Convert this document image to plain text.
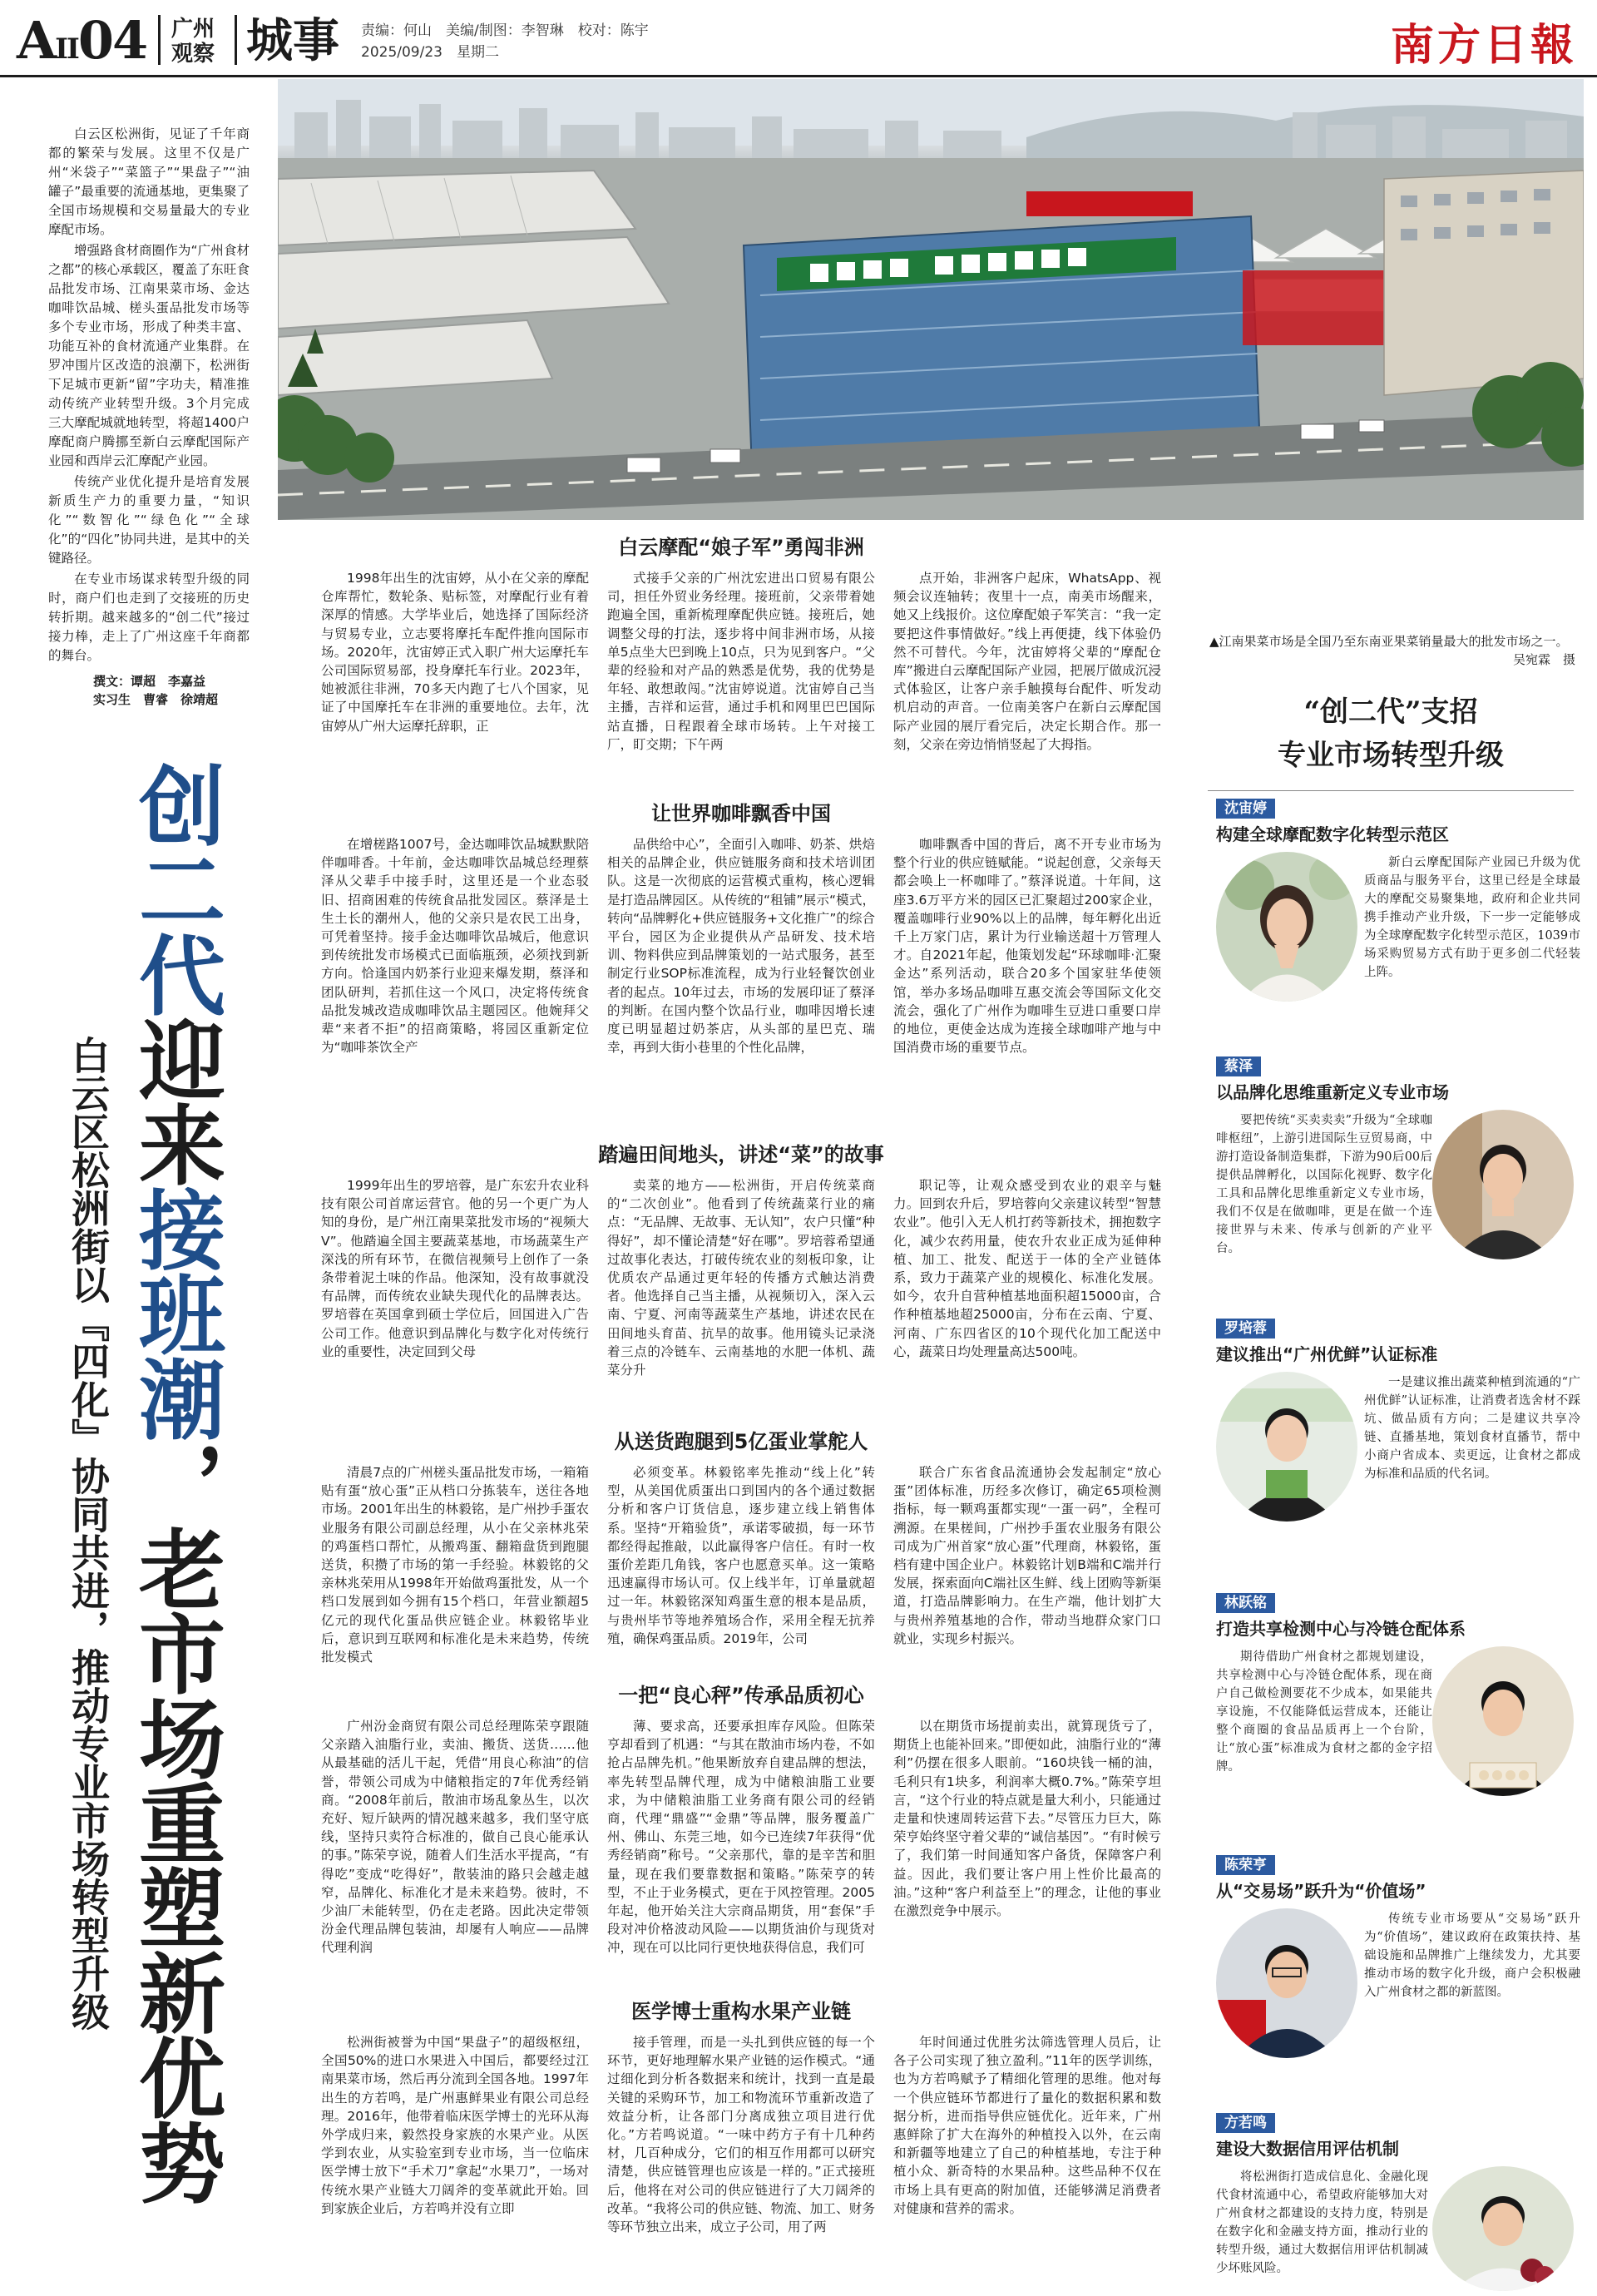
AII04 广州
观察 城事 责编：何山　美编/制图：李智琳　校对：陈宇
2025/09/23　星期二	南方日報

白云区松洲街，见证了千年商都的繁荣与发展。这里不仅是广州“米袋子”“菜篮子”“果盘子”“油罐子”最重要的流通基地，更集聚了全国市场规模和交易量最大的专业摩配市场。

增强路食材商圈作为“广州食材之都”的核心承载区，覆盖了东旺食品批发市场、江南果菜市场、金达咖啡饮品城、槎头蛋品批发市场等多个专业市场，形成了种类丰富、功能互补的食材流通产业集群。在罗冲围片区改造的浪潮下，松洲街下足城市更新“留”字功夫，精准推动传统产业转型升级。3个月完成三大摩配城就地转型，将超1400户摩配商户腾挪至新白云摩配国际产业园和西岸云汇摩配产业园。

传统产业优化提升是培育发展新质生产力的重要力量，“知识化”“数智化”“绿色化”“全球化”的“四化”协同共进，是其中的关键路径。

在专业市场谋求转型升级的同时，商户们也走到了交接班的历史转折期。越来越多的“创二代”接过接力棒，走上了广州这座千年商都的舞台。

撰文：谭超　李嘉益
实习生　曹睿　徐靖超
创二代迎来接班潮，老市场重塑新优势
白云区松洲街以『四化』协同共进，推动专业市场转型升级
▲江南果菜市场是全国乃至东南亚果菜销量最大的批发市场之一。
吴宛霖　摄
白云摩配“娘子军”勇闯非洲
1998年出生的沈宙婷，从小在父亲的摩配仓库帮忙，数轮条、贴标签，对摩配行业有着深厚的情感。大学毕业后，她选择了国际经济与贸易专业，立志要将摩托车配件推向国际市场。2020年，沈宙婷正式入职广州大运摩托车公司国际贸易部，投身摩托车行业。2023年，她被派往非洲，70多天内跑了七八个国家，见证了中国摩托车在非洲的重要地位。去年，沈宙婷从广州大运摩托辞职，正
式接手父亲的广州沈宏进出口贸易有限公司，担任外贸业务经理。接班前，父亲带着她跑遍全国，重新梳理摩配供应链。接班后，她调整父母的打法，逐步将中间非洲市场，从接单5点坐大巴到晚上10点，只为见到客户。“父辈的经验和对产品的熟悉是优势，我的优势是年轻、敢想敢闯。”沈宙婷说道。沈宙婷自己当主播，吉祥和运营，通过手机和网里巴巴国际站直播，日程跟着全球市场转。上午对接工厂，盯交期；下午两
点开始，非洲客户起床，WhatsApp、视频会议连轴转；夜里十一点，南美市场醒来，她又上线报价。这位摩配娘子军笑言：“我一定要把这件事情做好。”线上再便捷，线下体验仍然不可替代。今年，沈宙婷将父辈的“摩配仓库”搬进白云摩配国际产业园，把展厅做成沉浸式体验区，让客户亲手触摸每台配件、听发动机启动的声音。一位南美客户在新白云摩配国际产业园的展厅看完后，决定长期合作。那一刻，父亲在旁边悄悄竖起了大拇指。
让世界咖啡飘香中国
在增槎路1007号，金达咖啡饮品城默默陪伴咖啡香。十年前，金达咖啡饮品城总经理蔡泽从父辈手中接手时，这里还是一个业态驳旧、招商困难的传统食品批发园区。蔡泽是土生土长的潮州人，他的父亲只是农民工出身，可凭着坚持。接手金达咖啡饮品城后，他意识到传统批发市场模式已面临瓶颈，必须找到新方向。恰逢国内奶茶行业迎来爆发期，蔡泽和团队研判，若抓住这一个风口，决定将传统食品批发城改造成咖啡饮品主题园区。他婉拜父辈“来者不拒”的招商策略，将园区重新定位为“咖啡茶饮全产
品供给中心”，全面引入咖啡、奶茶、烘焙相关的品牌企业，供应链服务商和技术培训团队。这是一次彻底的运营模式重构，核心逻辑是打造品牌园区。从传统的“租铺”展示“模式，转向“品牌孵化+供应链服务+文化推广”的综合平台，园区为企业提供从产品研发、技术培训、物料供应到品牌策划的一站式服务，甚至制定行业SOP标准流程，成为行业轻餐饮创业者的起点。10年过去，市场的发展印证了蔡泽的判断。在国内整个饮品行业，咖啡因增长速度已明显超过奶茶店，从头部的星巴克、瑞幸，再到大街小巷里的个性化品牌，
咖啡飘香中国的背后，离不开专业市场为整个行业的供应链赋能。“说起创意，父亲每天都会唤上一杯咖啡了。”蔡泽说道。十年间，这座3.6万平方米的园区已汇聚超过200家企业，覆盖咖啡行业90%以上的品牌，每年孵化出近千上万家门店，累计为行业输送超十万管理人才。自2021年起，他策划发起“环球咖啡·汇聚金达”系列活动，联合20多个国家驻华使领馆，举办多场品咖啡互惠交流会等国际文化交流会，强化了广州作为咖啡生豆进口重要口岸的地位，更使金达成为连接全球咖啡产地与中国消费市场的重要节点。
踏遍田间地头，讲述“菜”的故事
1999年出生的罗培蓉，是广东宏升农业科技有限公司首席运营官。他的另一个更广为人知的身份，是广州江南果菜批发市场的“视频大V”。他踏遍全国主要蔬菜基地，市场蔬菜生产深浅的所有环节，在微信视频号上创作了一条条带着泥土味的作品。他深知，没有故事就没有品牌，而传统农业缺失现代化的品牌表达。罗培蓉在英国拿到硕士学位后，回国进入广告公司工作。他意识到品牌化与数字化对传统行业的重要性，决定回到父母
卖菜的地方——松洲街，开启传统菜商的“二次创业”。他看到了传统蔬菜行业的痛点：“无品牌、无故事、无认知”，农户只懂“种得好”，却不懂论清楚“好在哪”。罗培蓉希望通过故事化表达，打破传统农业的刻板印象，让优质农产品通过更年轻的传播方式触达消费者。他选择自己当主播，从视频切入，深入云南、宁夏、河南等蔬菜生产基地，讲述农民在田间地头育苗、抗旱的故事。他用镜头记录浇着三点的冷链车、云南基地的水肥一体机、蔬菜分升
职记等，让观众感受到农业的艰辛与魅力。回到农升后，罗培蓉向父亲建议转型“智慧农业”。他引入无人机打药等新技术，拥抱数字化，减少农药用量，使农升农业正成为延伸种植、加工、批发、配送于一体的全产业链体系，致力于蔬菜产业的规模化、标准化发展。如今，农升自营种植基地面积超15000亩，合作种植基地超25000亩，分布在云南、宁夏、河南、广东四省区的10个现代化加工配送中心，蔬菜日均处理量高达500吨。
从送货跑腿到5亿蛋业掌舵人
清晨7点的广州槎头蛋品批发市场，一箱箱贴有蛋“放心蛋”正从档口分拣装车，送往各地市场。2001年出生的林毅铭，是广州抄手蛋农业服务有限公司副总经理，从小在父亲林兆荣的鸡蛋档口帮忙，从搬鸡蛋、翻箱盘货到跑腿送货，积攒了市场的第一手经验。林毅铭的父亲林兆荣用从1998年开始做鸡蛋批发，从一个档口发展到如今拥有15个档口，年营业额超5亿元的现代化蛋品供应链企业。林毅铭毕业后，意识到互联网和标准化是未来趋势，传统批发模式
必须变革。林毅铭率先推动“线上化”转型，从美国优质蛋出口到国内的各个通过数据分析和客户订货信息，逐步建立线上销售体系。坚持“开箱验货”，承诺零破损，每一环节都经得起推敲，以此赢得客户信任。有时一枚蛋价差距几角钱，客户也愿意买单。这一策略迅速赢得市场认可。仅上线半年，订单量就超过一年。林毅铭深知鸡蛋生意的根本是品质，与贵州毕节等地养殖场合作，采用全程无抗养殖，确保鸡蛋品质。2019年，公司
联合广东省食品流通协会发起制定“放心蛋”团体标准，历经多次修订，确定65项检测指标，每一颗鸡蛋都实现“一蛋一码”，全程可溯源。在果槎间，广州抄手蛋农业服务有限公司成为广州首家“放心蛋”代理商，林毅铭，蛋档有建中国企业户。林毅铭计划B端和C端并行发展，探索面向C端社区生鲜、线上团购等新渠道，打造品牌影响力。在生产端，他计划扩大与贵州养殖基地的合作，带动当地群众家门口就业，实现乡村振兴。
一把“良心秤”传承品质初心
广州汾金商贸有限公司总经理陈荣亨跟随父亲踏入油脂行业，卖油、搬货、送货……他从最基础的活儿干起，凭借“用良心称油”的信誉，带领公司成为中储粮指定的7年优秀经销商。“2008年前后，散油市场乱象丛生，以次充好、短斤缺两的情况越来越多，我们坚守底线，坚持只卖符合标准的，做自己良心能承认的事。”陈荣亨说，随着人们生活水平提高，“有得吃”变成“吃得好”，散装油的路只会越走越窄，品牌化、标准化才是未来趋势。彼时，不少油厂未能转型，仍在走老路。因此决定带领汾金代理品牌包装油，却屡有人响应——品牌代理利润
薄、要求高，还要承担库存风险。但陈荣亨却看到了机遇：“与其在散油市场内卷，不如抢占品牌先机。”他果断放弃自建品牌的想法，率先转型品牌代理，成为中储粮油脂工业要求，为中储粮油脂工业务商有限公司的经销商，代理“鼎盛”“金鼎”等品牌，服务覆盖广州、佛山、东莞三地，如今已连续7年获得“优秀经销商”称号。“父亲那代，靠的是辛苦和胆量，现在我们要靠数据和策略。”陈荣亨的转型，不止于业务模式，更在于风控管理。2005年起，他开始关注大宗商品期货，用“套保”手段对冲价格波动风险——以期货油价与现货对冲，现在可以比同行更快地获得信息，我们可
以在期货市场提前卖出，就算现货亏了，期货上也能补回来。”即便如此，油脂行业的“薄利”仍摆在很多人眼前。“160块钱一桶的油，毛利只有1块多，利润率大概0.7%。”陈荣亨坦言，“这个行业的特点就是量大利小，只能通过走量和快速周转运营下去。”尽管压力巨大，陈荣亨始终坚守着父辈的“诚信基因”。“有时候亏了，我们第一时间通知客户备货，保障客户利益。因此，我们要让客户用上性价比最高的油。”这种“客户利益至上”的理念，让他的事业在激烈竞争中展示。
医学博士重构水果产业链
松洲街被誉为中国“果盘子”的超级枢纽，全国50%的进口水果进入中国后，都要经过江南果菜市场，然后再分流到全国各地。1997年出生的方若鸣，是广州惠鲜果业有限公司总经理。2016年，他带着临床医学博士的光环从海外学成归来，毅然投身家族的水果产业。从医学到农业，从实验室到专业市场，当一位临床医学博士放下“手术刀”拿起“水果刀”，一场对传统水果产业链大刀阔斧的变革就此开始。回到家族企业后，方若鸣并没有立即
接手管理，而是一头扎到供应链的每一个环节，更好地理解水果产业链的运作模式。“通过细化到分析各数据来和统计，找到一直是最关键的采购环节，加工和物流环节重新改造了效益分析，让各部门分离成独立项目进行优化。”方若鸣说道。“一味中药方子有十几种药材，几百种成分，它们的相互作用都可以研究清楚，供应链管理也应该是一样的。”正式接班后，他将在对公司的供应链进行了大刀阔斧的改革。“我将公司的供应链、物流、加工、财务等环节独立出来，成立子公司，用了两
年时间通过优胜劣汰筛选管理人员后，让各子公司实现了独立盈利。”11年的医学训练，也为方若鸣赋予了精细化管理的思维。他对每一个供应链环节都进行了量化的数据积累和数据分析，进而指导供应链优化。近年来，广州惠鲜除了扩大在海外的种植投入以外，在云南和新疆等地建立了自己的种植基地，专注于种植小众、新奇特的水果品种。这些品种不仅在市场上具有更高的附加值，还能够满足消费者对健康和营养的需求。
“创二代”支招
专业市场转型升级
沈宙婷
构建全球摩配数字化转型示范区
新白云摩配国际产业园已升级为优质商品与服务平台，这里已经是全球最大的摩配交易聚集地，政府和企业共同携手推动产业升级，下一步一定能够成为全球摩配数字化转型示范区，1039市场采购贸易方式有助于更多创二代轻装上阵。
蔡泽
以品牌化思维重新定义专业市场
要把传统“买卖卖卖”升级为“全球咖啡枢纽”，上游引进国际生豆贸易商，中游打造设备制造集群，下游为90后00后提供品牌孵化，以国际化视野、数字化工具和品牌化思维重新定义专业市场，我们不仅是在做咖啡，更是在做一个连接世界与未来、传承与创新的产业平台。
罗培蓉
建议推出“广州优鲜”认证标准
一是建议推出蔬菜种植到流通的“广州优鲜”认证标准，让消费者选舍材不踩坑、做品质有方向；二是建议共享冷链、直播基地，策划食材直播节，帮中小商户省成本、卖更远，让食材之都成为标准和品质的代名词。
林跃铭
打造共享检测中心与冷链仓配体系
期待借助广州食材之都规划建设，共享检测中心与冷链仓配体系，现在商户自己做检测要花不少成本，如果能共享设施，不仅能降低运营成本，还能让整个商圈的食品品质再上一个台阶，让“放心蛋”标准成为食材之都的金字招牌。
陈荣亨
从“交易场”跃升为“价值场”
传统专业市场要从“交易场”跃升为“价值场”，建议政府在政策扶持、基础设施和品牌推广上继续发力，尤其要推动市场的数字化升级，商户会积极融入广州食材之都的新蓝图。
方若鸣
建设大数据信用评估机制
将松洲街打造成信息化、金融化现代食材流通中心，希望政府能够加大对广州食材之都建设的支持力度，特别是在数字化和金融支持方面，推动行业的转型升级，通过大数据信用评估机制减少坏账风险。
